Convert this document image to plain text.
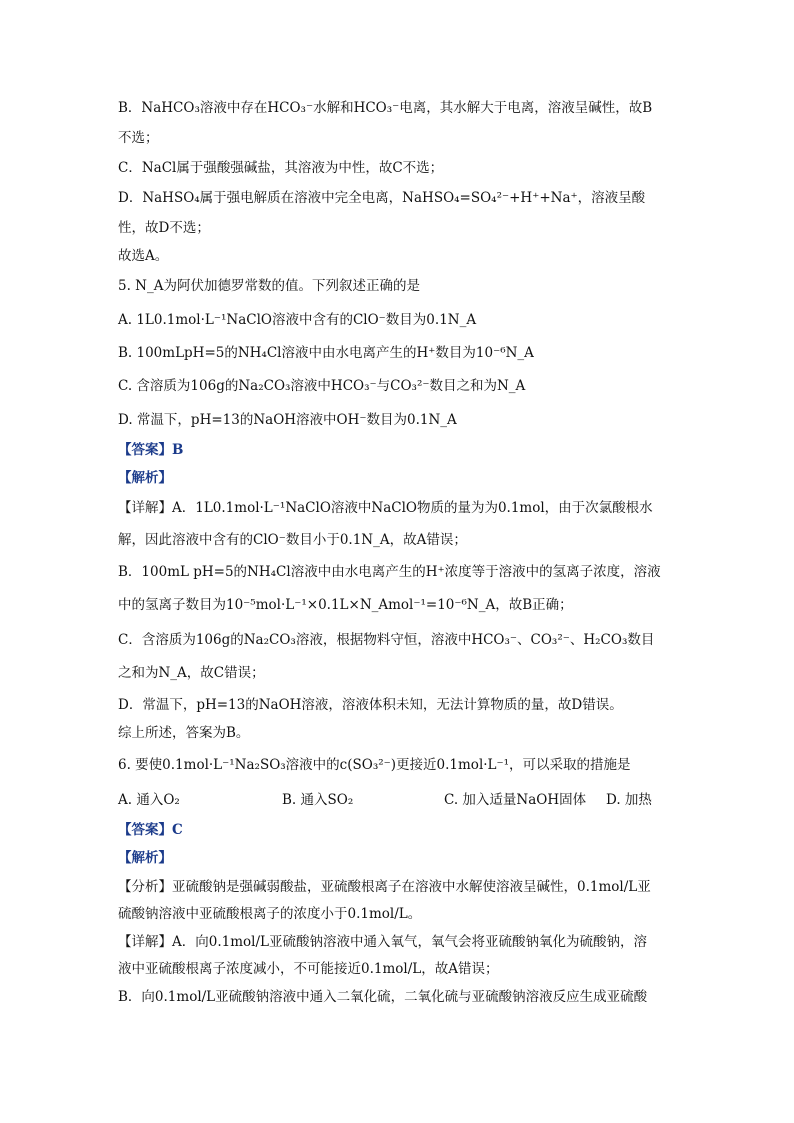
B．NaHCO₃溶液中存在HCO₃⁻水解和HCO₃⁻电离，其水解大于电离，溶液呈碱性，故B
不选；
C．NaCl属于强酸强碱盐，其溶液为中性，故C不选；
D．NaHSO₄属于强电解质在溶液中完全电离，NaHSO₄=SO₄²⁻+H⁺+Na⁺，溶液呈酸
性，故D不选；
故选A。
5. N_A为阿伏加德罗常数的值。下列叙述正确的是
A. 1L0.1mol·L⁻¹NaClO溶液中含有的ClO⁻数目为0.1N_A
B. 100mLpH=5的NH₄Cl溶液中由水电离产生的H⁺数目为10⁻⁶N_A
C. 含溶质为106g的Na₂CO₃溶液中HCO₃⁻与CO₃²⁻数目之和为N_A
D. 常温下，pH=13的NaOH溶液中OH⁻数目为0.1N_A
【答案】B
【解析】
【详解】A．1L0.1mol·L⁻¹NaClO溶液中NaClO物质的量为为0.1mol，由于次氯酸根水
解，因此溶液中含有的ClO⁻数目小于0.1N_A，故A错误；
B．100mL pH=5的NH₄Cl溶液中由水电离产生的H⁺浓度等于溶液中的氢离子浓度，溶液
中的氢离子数目为10⁻⁵mol·L⁻¹×0.1L×N_Amol⁻¹=10⁻⁶N_A，故B正确；
C．含溶质为106g的Na₂CO₃溶液，根据物料守恒，溶液中HCO₃⁻、CO₃²⁻、H₂CO₃数目
之和为N_A，故C错误；
D．常温下，pH=13的NaOH溶液，溶液体积未知，无法计算物质的量，故D错误。
综上所述，答案为B。
6. 要使0.1mol·L⁻¹Na₂SO₃溶液中的c(SO₃²⁻)更接近0.1mol·L⁻¹，可以采取的措施是
A. 通入O₂	B. 通入SO₂	C. 加入适量NaOH固体 D. 加热
【答案】C
【解析】
【分析】亚硫酸钠是强碱弱酸盐，亚硫酸根离子在溶液中水解使溶液呈碱性，0.1mol/L亚
硫酸钠溶液中亚硫酸根离子的浓度小于0.1mol/L。
【详解】A．向0.1mol/L亚硫酸钠溶液中通入氧气，氧气会将亚硫酸钠氧化为硫酸钠，溶
液中亚硫酸根离子浓度减小，不可能接近0.1mol/L，故A错误；
B．向0.1mol/L亚硫酸钠溶液中通入二氧化硫，二氧化硫与亚硫酸钠溶液反应生成亚硫酸
